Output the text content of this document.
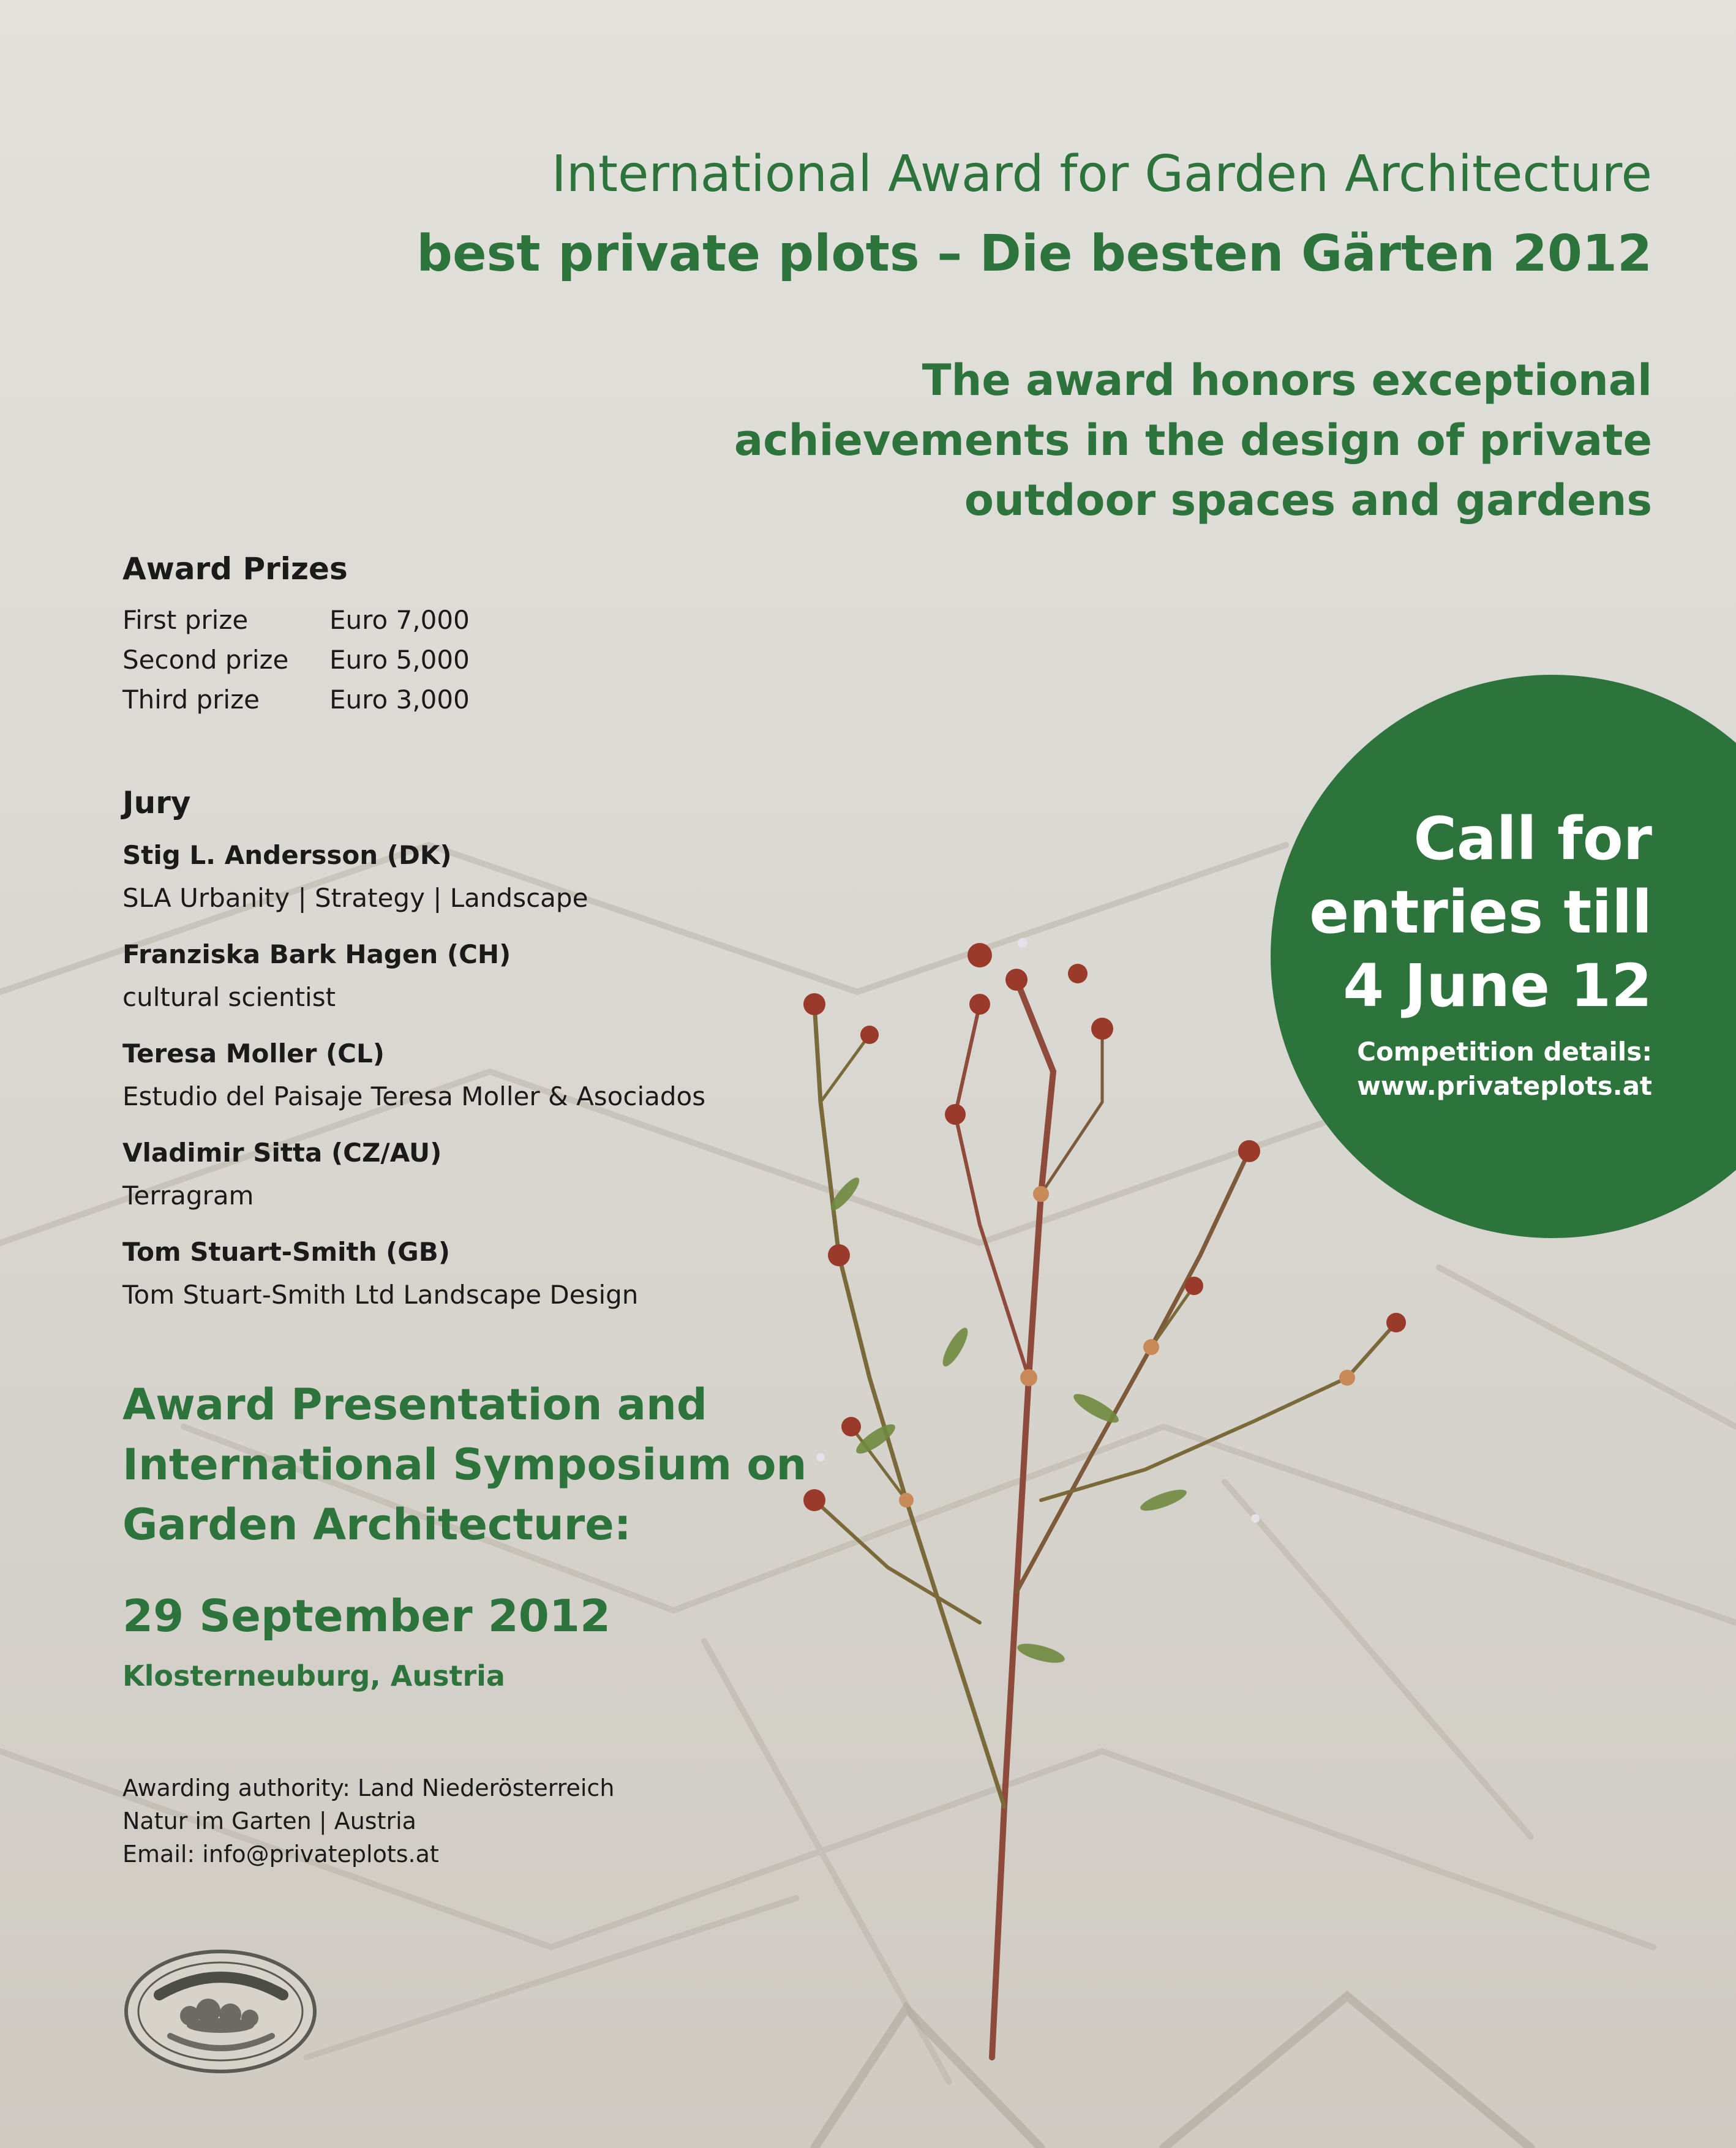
International Award for Garden Architecture
best private plots – Die besten Gärten 2012

The award honors exceptional achievements in the design of private outdoor spaces and gardens

Award Prizes
First prize	Euro 7,000
Second prize	Euro 5,000
Third prize	Euro 3,000
Jury
Stig L. Andersson (DK)
SLA Urbanity | Strategy | Landscape
Franziska Bark Hagen (CH)
cultural scientist
Teresa Moller (CL)
Estudio del Paisaje Teresa Moller & Asociados
Vladimir Sitta (CZ/AU)
Terragram
Tom Stuart-Smith (GB)
Tom Stuart-Smith Ltd Landscape Design

Award Presentation and International Symposium on Garden Architecture:

29 September 2012

Klosterneuburg, Austria

Awarding authority: Land Niederösterreich
Natur im Garten | Austria
Email: info@privateplots.at

Call for
entries till
4 June 12

Competition details:
www.privateplots.at
